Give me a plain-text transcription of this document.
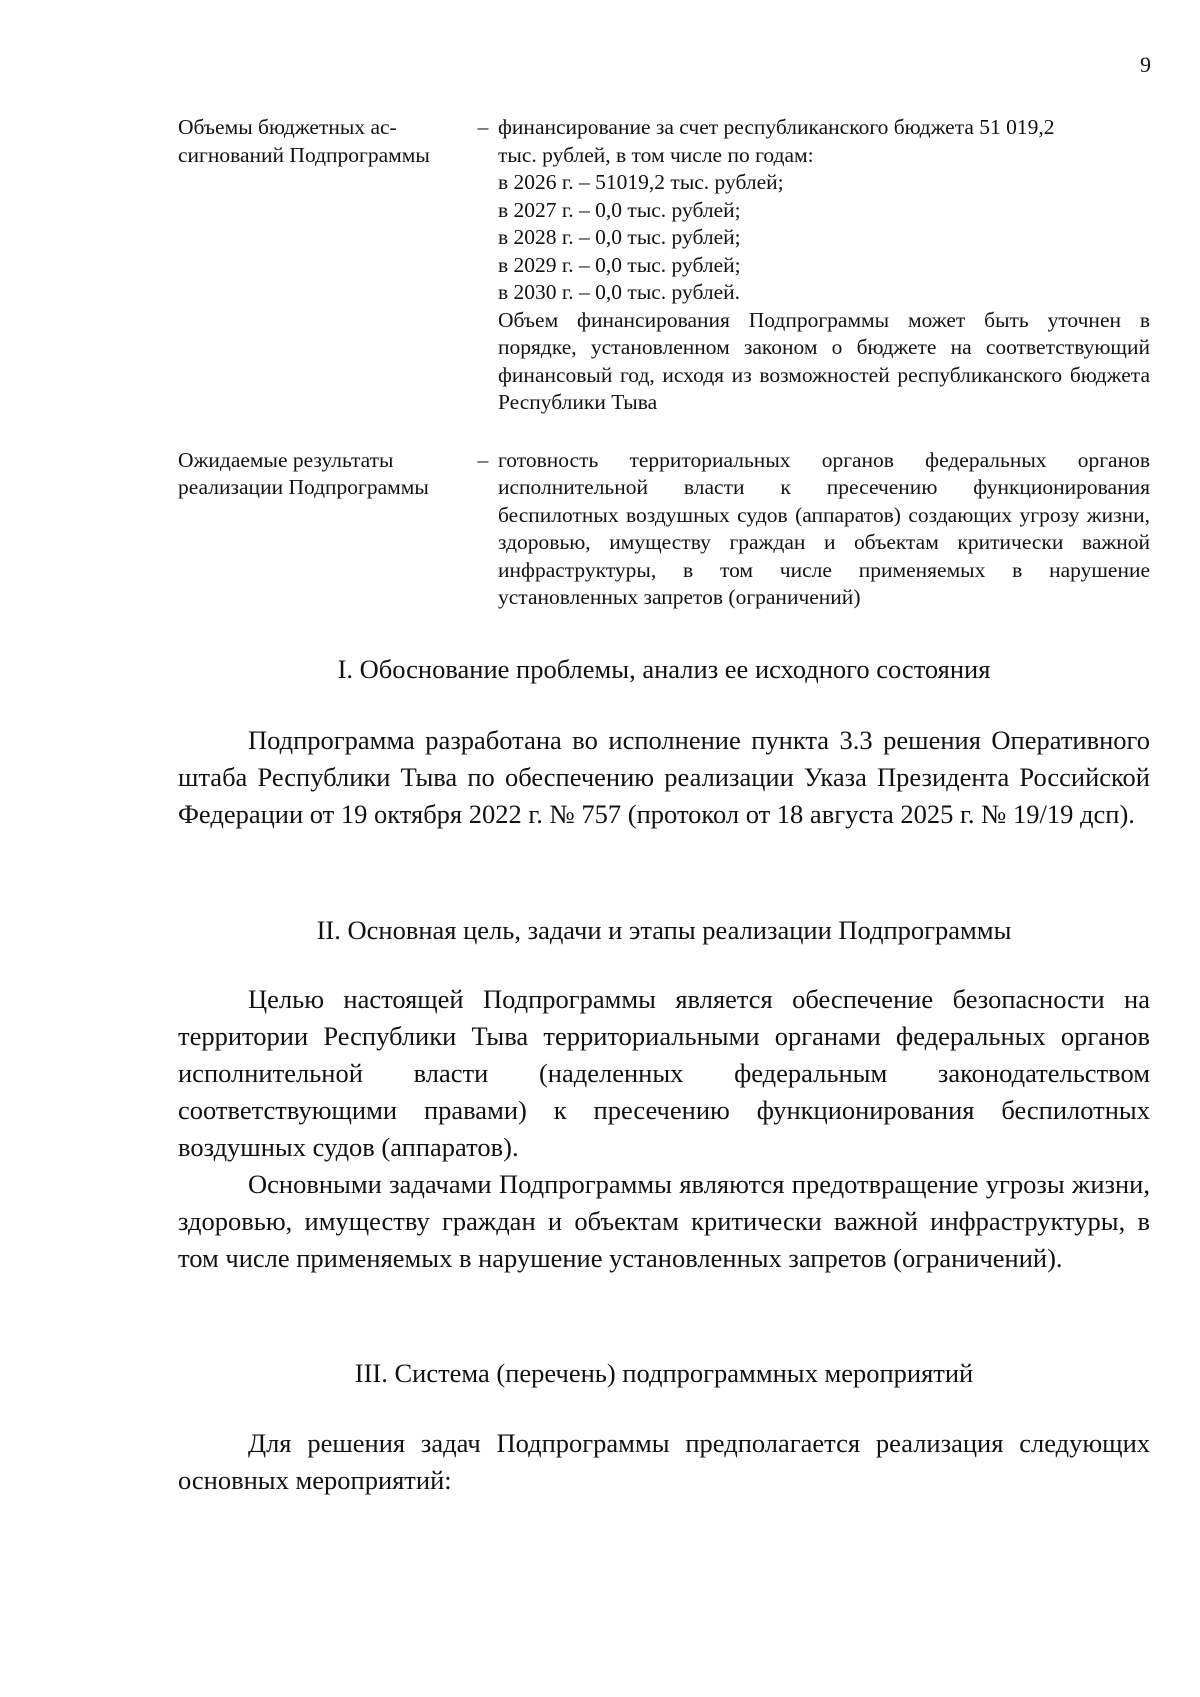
9
Объемы бюджетных ас-
сигнований Подпрограммы
– финансирование за счет республиканского бюджета 51 019,2
тыс. рублей, в том числе по годам:
в 2026 г. – 51019,2 тыс. рублей;
в 2027 г. – 0,0 тыс. рублей;
в 2028 г. – 0,0 тыс. рублей;
в 2029 г. – 0,0 тыс. рублей;
в 2030 г. – 0,0 тыс. рублей.
Объем финансирования Подпрограммы может быть уточнен в порядке, установленном законом о бюджете на соответствующий финансовый год, исходя из возможностей республиканского бюджета Республики Тыва
Ожидаемые результаты
реализации Подпрограммы
– готовность территориальных органов федеральных органов исполнительной власти к пресечению функционирования беспилотных воздушных судов (аппаратов) создающих угрозу жизни, здоровью, имуществу граждан и объектам критически важной инфраструктуры, в том числе применяемых в нарушение установленных запретов (ограничений)
I. Обоснование проблемы, анализ ее исходного состояния

Подпрограмма разработана во исполнение пункта 3.3 решения Оперативного штаба Республики Тыва по обеспечению реализации Указа Президента Российской Федерации от 19 октября 2022 г. № 757 (протокол от 18 августа 2025 г. № 19/19 дсп).

II. Основная цель, задачи и этапы реализации Подпрограммы

Целью настоящей Подпрограммы является обеспечение безопасности на территории Республики Тыва территориальными органами федеральных органов исполнительной власти (наделенных федеральным законодательством соответствующими правами) к пресечению функционирования беспилотных воздушных судов (аппаратов).

Основными задачами Подпрограммы являются предотвращение угрозы жизни, здоровью, имуществу граждан и объектам критически важной инфраструктуры, в том числе применяемых в нарушение установленных запретов (ограничений).

III. Система (перечень) подпрограммных мероприятий

Для решения задач Подпрограммы предполагается реализация следующих основных мероприятий:
